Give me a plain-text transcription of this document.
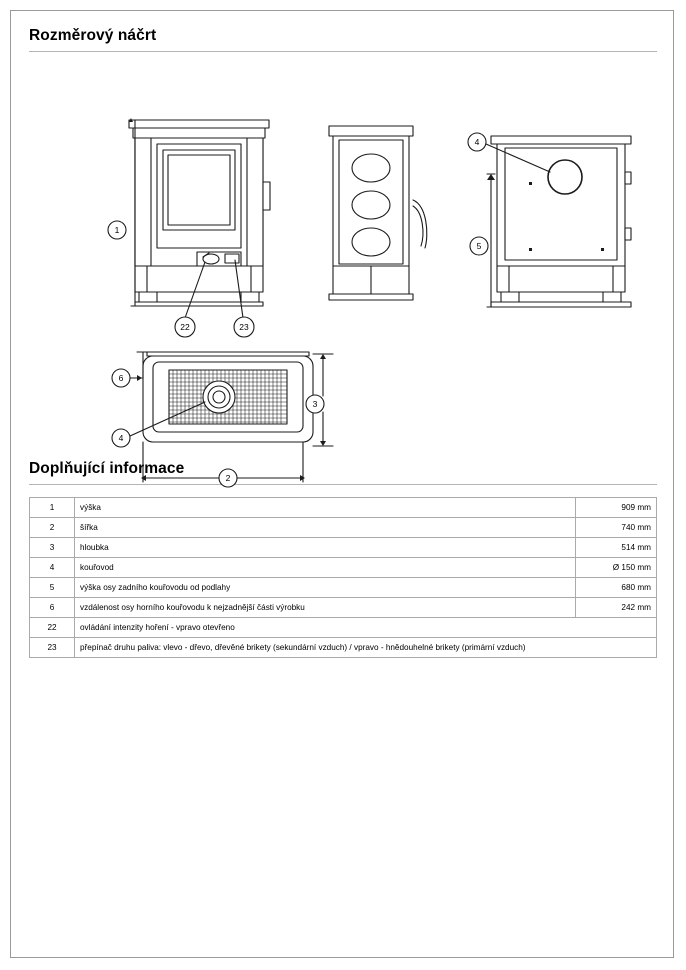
Rozměrový náčrt
1
2
3
4
5
6
4
22	23
Doplňující informace
1	výška	909 mm
2	šířka	740 mm
3	hloubka	514 mm
4	kouřovod	Ø 150 mm
5	výška osy zadního kouřovodu od podlahy	680 mm
6	vzdálenost osy horního kouřovodu k nejzadnější části výrobku	242 mm
22	ovládání intenzity hoření - vpravo otevřeno	
23	přepínač druhu paliva: vlevo - dřevo, dřevěné brikety (sekundární vzduch) / vpravo - hnědouhelné brikety (primární vzduch)	
